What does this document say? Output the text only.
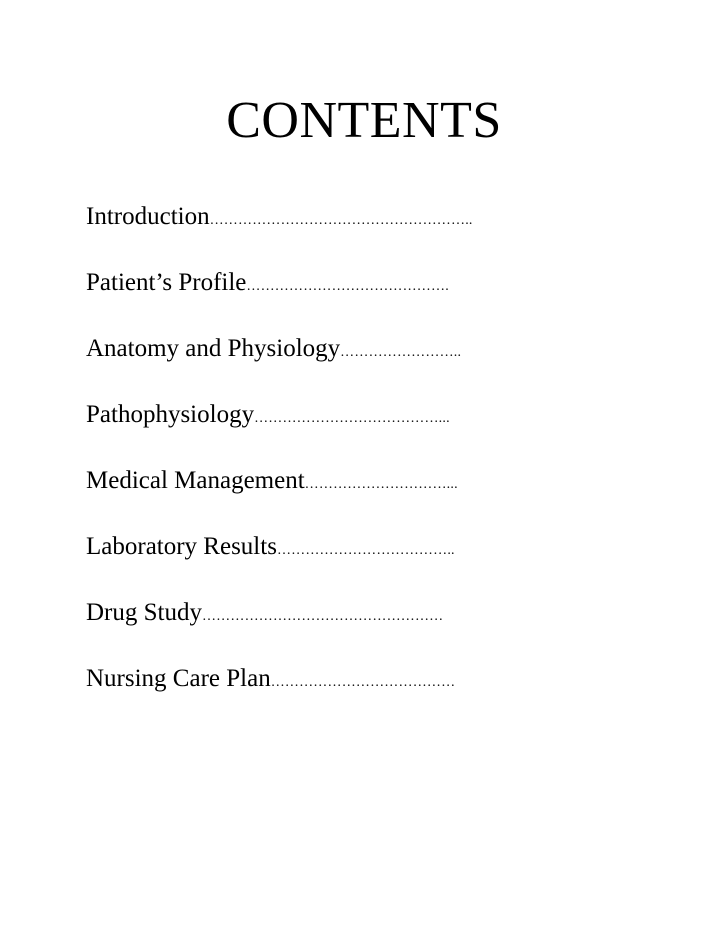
CONTENTS
Introduction………………………………………………..
Patient’s Profile…………………………………….
Anatomy and Physiology……………………..
Pathophysiology…………………………………...
Medical Management…………………………...
Laboratory Results………………………………..
Drug Study……………………………………………
Nursing Care Plan…………………………………
